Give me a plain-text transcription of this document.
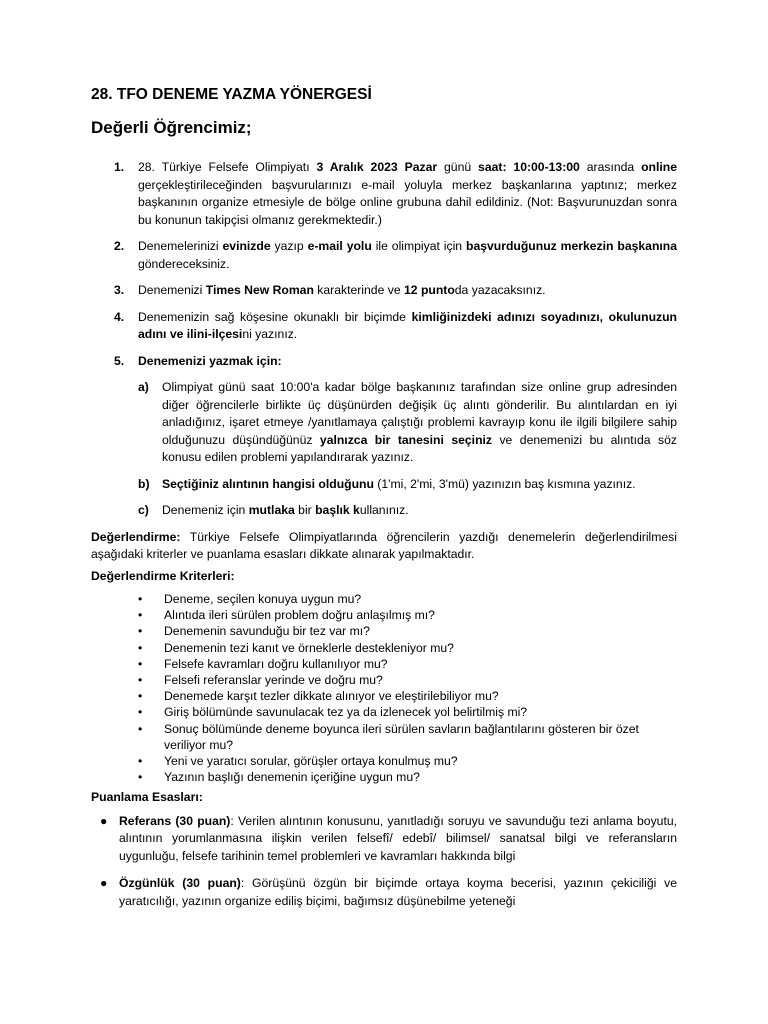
28. TFO DENEME YAZMA YÖNERGESİ
Değerli Öğrencimiz;
1. 28. Türkiye Felsefe Olimpiyatı 3 Aralık 2023 Pazar günü saat: 10:00-13:00 arasında online gerçekleştirileceğinden başvurularınızı e-mail yoluyla merkez başkanlarına yaptınız; merkez başkanının organize etmesiyle de bölge online grubuna dahil edildiniz. (Not: Başvurunuzdan sonra bu konunun takipçisi olmanız gerekmektedir.)
2. Denemelerinizi evinizde yazıp e-mail yolu ile olimpiyat için başvurduğunuz merkezin başkanına göndereceksiniz.
3. Denemenizi Times New Roman karakterinde ve 12 puntoda yazacaksınız.
4. Denemenizin sağ köşesine okunaklı bir biçimde kimliğinizdeki adınızı soyadınızı, okulunuzun adını ve ilini-ilçesini yazınız.
5. Denemenizi yazmak için:
a) Olimpiyat günü saat 10:00'a kadar bölge başkanınız tarafından size online grup adresinden diğer öğrencilerle birlikte üç düşünürden değişik üç alıntı gönderilir. Bu alıntılardan en iyi anladığınız, işaret etmeye /yanıtlamaya çalıştığı problemi kavrayıp konu ile ilgili bilgilere sahip olduğunuzu düşündüğünüz yalnızca bir tanesini seçiniz ve denemenizi bu alıntıda söz konusu edilen problemi yapılandırarak yazınız.
b) Seçtiğiniz alıntının hangisi olduğunu (1'mi, 2'mi, 3'mü) yazınızın baş kısmına yazınız.
c) Denemeniz için mutlaka bir başlık kullanınız.

Değerlendirme: Türkiye Felsefe Olimpiyatlarında öğrencilerin yazdığı denemelerin değerlendirilmesi aşağıdaki kriterler ve puanlama esasları dikkate alınarak yapılmaktadır.

Değerlendirme Kriterleri:

• Deneme, seçilen konuya uygun mu?
• Alıntıda ileri sürülen problem doğru anlaşılmış mı?
• Denemenin savunduğu bir tez var mı?
• Denemenin tezi kanıt ve örneklerle destekleniyor mu?
• Felsefe kavramları doğru kullanılıyor mu?
• Felsefi referanslar yerinde ve doğru mu?
• Denemede karşıt tezler dikkate alınıyor ve eleştirilebiliyor mu?
• Giriş bölümünde savunulacak tez ya da izlenecek yol belirtilmiş mi?
• Sonuç bölümünde deneme boyunca ileri sürülen savların bağlantılarını gösteren bir özet veriliyor mu?
• Yeni ve yaratıcı sorular, görüşler ortaya konulmuş mu?
• Yazının başlığı denemenin içeriğine uygun mu?

Puanlama Esasları:

● Referans (30 puan): Verilen alıntının konusunu, yanıtladığı soruyu ve savunduğu tezi anlama boyutu, alıntının yorumlanmasına ilişkin verilen felsefî/ edebî/ bilimsel/ sanatsal bilgi ve referansların uygunluğu, felsefe tarihinin temel problemleri ve kavramları hakkında bilgi
● Özgünlük (30 puan): Görüşünü özgün bir biçimde ortaya koyma becerisi, yazının çekiciliği ve yaratıcılığı, yazının organize ediliş biçimi, bağımsız düşünebilme yeteneği
